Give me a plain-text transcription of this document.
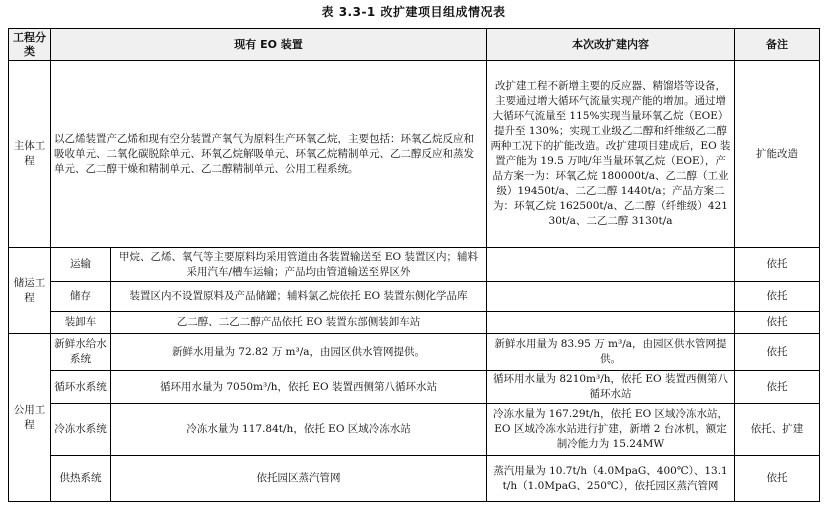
表 3.3-1 改扩建项目组成情况表
工程分类	现有 EO 装置		本次改扩建内容	备注
主体工程	以乙烯装置产乙烯和现有空分装置产氧气为原料生产环氧乙烷，主要包括：环氧乙烷反应和吸收单元、二氧化碳脱除单元、环氧乙烷解吸单元、环氧乙烷精制单元、乙二醇反应和蒸发单元、乙二醇干燥和精制单元、乙二醇精制单元、公用工程系统。		改扩建工程不新增主要的反应器、精馏塔等设备，主要通过增大循环气流量实现产能的增加。通过增大循环气流量至 115%实现当量环氧乙烷（EOE）提升至 130%；实现工业级乙二醇和纤维级乙二醇两种工况下的扩能改造。改扩建项目建成后，EO 装置产能为 19.5 万吨/年当量环氧乙烷（EOE），产品方案一为：环氧乙烷 180000t/a、乙二醇（工业级）19450t/a、二乙二醇 1440t/a；产品方案二为：环氧乙烷 162500t/a、乙二醇（纤维级）42130t/a、二乙二醇 3130t/a	扩能改造
储运工程	运输	甲烷、乙烯、氧气等主要原料均采用管道由各装置输送至 EO 装置区内；辅料采用汽车/槽车运输；产品均由管道输送至界区外		依托
	储存	装置区内不设置原料及产品储罐；辅料氯乙烷依托 EO 装置东侧化学品库		依托
	装卸车	乙二醇、二乙二醇产品依托 EO 装置东部侧装卸车站		依托
公用工程	新鲜水给水系统	新鲜水用量为 72.82 万 m³/a，由园区供水管网提供。	新鲜水用量为 83.95 万 m³/a，由园区供水管网提供。	依托
	循环水系统	循环用水量为 7050m³/h，依托 EO 装置西侧第八循环水站	循环用水量为 8210m³/h，依托 EO 装置西侧第八循环水站	依托
	冷冻水系统	冷冻水量为 117.84t/h，依托 EO 区域冷冻水站	冷冻水量为 167.29t/h，依托 EO 区域冷冻水站，EO 区域冷冻水站进行扩建，新增 2 台冰机，额定制冷能力为 15.24MW	依托、扩建
	供热系统	依托园区蒸汽管网	蒸汽用量为 10.7t/h（4.0MpaG、400℃）、13.1 t/h（1.0MpaG、250℃），依托园区蒸汽管网	依托
